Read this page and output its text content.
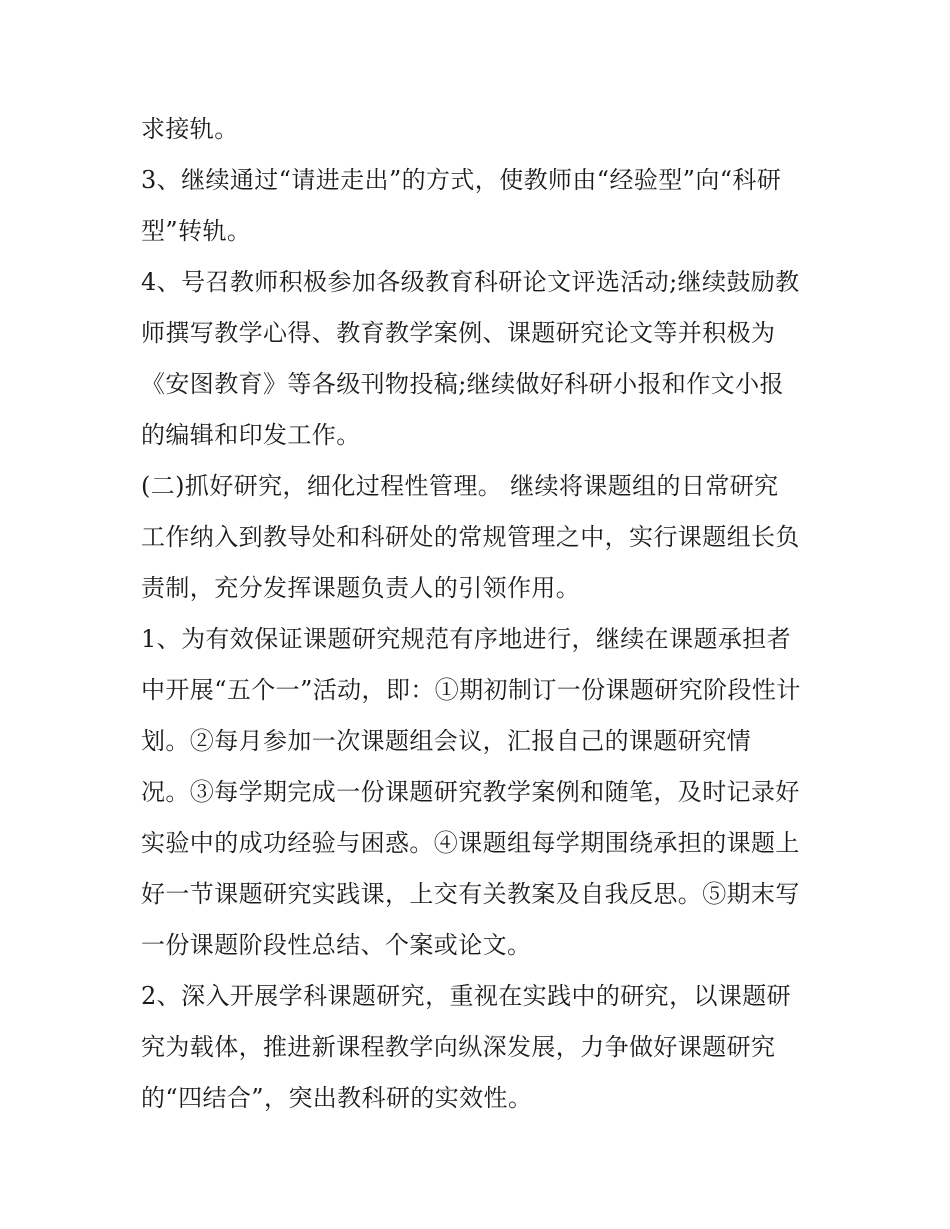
求接轨。
3、继续通过“请进走出”的方式，使教师由“经验型”向“科研
型”转轨。
4、号召教师积极参加各级教育科研论文评选活动;继续鼓励教
师撰写教学心得、教育教学案例、课题研究论文等并积极为
《安图教育》等各级刊物投稿;继续做好科研小报和作文小报
的编辑和印发工作。
(二)抓好研究，细化过程性管理。 继续将课题组的日常研究
工作纳入到教导处和科研处的常规管理之中，实行课题组长负
责制，充分发挥课题负责人的引领作用。
1、为有效保证课题研究规范有序地进行，继续在课题承担者
中开展“五个一”活动，即：①期初制订一份课题研究阶段性计
划。②每月参加一次课题组会议，汇报自己的课题研究情
况。③每学期完成一份课题研究教学案例和随笔，及时记录好
实验中的成功经验与困惑。④课题组每学期围绕承担的课题上
好一节课题研究实践课，上交有关教案及自我反思。⑤期末写
一份课题阶段性总结、个案或论文。
2、深入开展学科课题研究，重视在实践中的研究，以课题研
究为载体，推进新课程教学向纵深发展，力争做好课题研究
的“四结合”，突出教科研的实效性。
